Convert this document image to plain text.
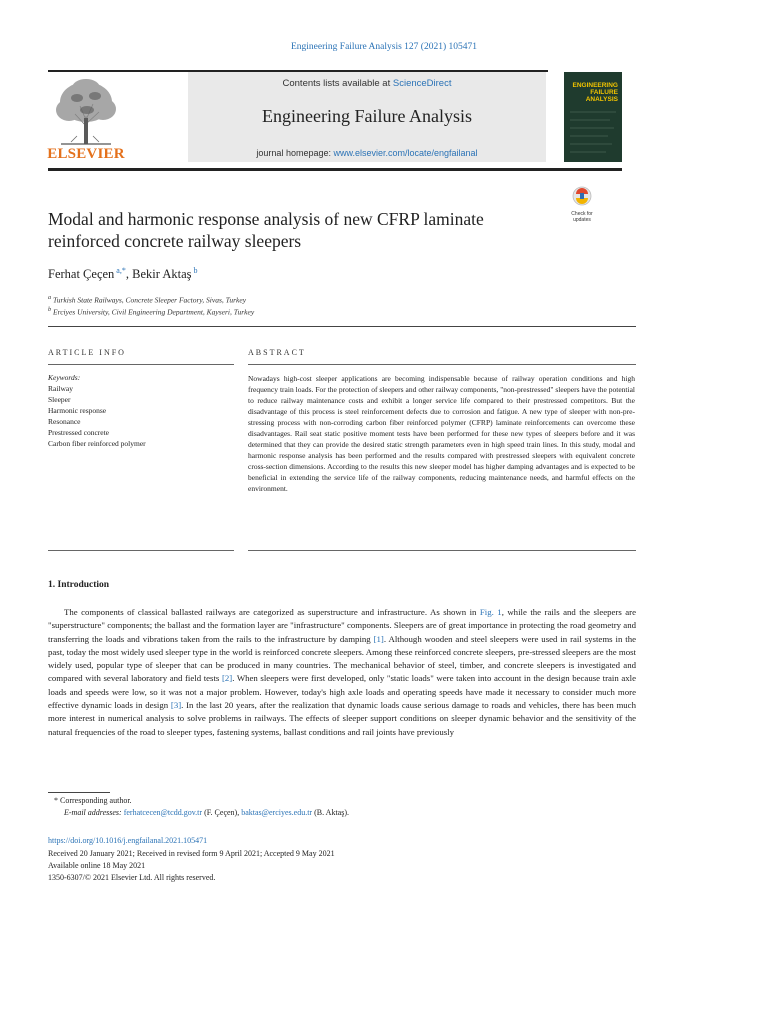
Engineering Failure Analysis 127 (2021) 105471
Contents lists available at ScienceDirect
Engineering Failure Analysis
journal homepage: www.elsevier.com/locate/engfailanal
ELSEVIER
ENGINEERING
FAILURE
ANALYSIS
Check for updates
Modal and harmonic response analysis of new CFRP laminate reinforced concrete railway sleepers
Ferhat Çeçen $^{a,*}$, Bekir Aktaş $^b$
$^a$ Turkish State Railways, Concrete Sleeper Factory, Sivas, Turkey
$^b$ Erciyes University, Civil Engineering Department, Kayseri, Turkey
ARTICLE INFO	ABSTRACT
Keywords:
Railway
Sleeper
Harmonic response
Resonance
Prestressed concrete
Carbon fiber reinforced polymer
Nowadays high-cost sleeper applications are becoming indispensable because of railway operation conditions and high frequency train loads. For the protection of sleepers and other railway components, "non-prestressed" sleepers have the potential to reduce railway maintenance costs and exhibit a longer service life compared to their prestressed competitors. But the disadvantage of this process is steel reinforcement defects due to corrosion and fatigue. A new type of sleeper with non-pre-stressing process with non-corroding carbon fiber reinforced polymer (CFRP) laminate reinforcements can overcome these disadvantages. Rail seat static positive moment tests have been performed for these new types of sleepers before and it was determined that they can provide the desired static strength parameters even in high speed train lines. In this study, modal and harmonic response analysis has been performed and the results compared with prestressed sleepers with equivalent concrete cross-section dimensions. According to the results this new sleeper model has higher damping advantages and is expected to be beneficial in extending the service life of the railway components, reducing maintenance needs, and harmful effects on the environment.
1. Introduction
The components of classical ballasted railways are categorized as superstructure and infrastructure. As shown in Fig. 1, while the rails and the sleepers are "superstructure" components; the ballast and the formation layer are "infrastructure" components. Sleepers are of great importance in protecting the road geometry and transferring the loads and vibrations taken from the rails to the infrastructure by damping [1]. Although wooden and steel sleepers were used in rail systems in the past, today the most widely used sleeper type in the world is reinforced concrete sleepers. Among these reinforced concrete sleepers, pre-stressed sleepers are the most widely used, popular type of sleeper that can be produced in many countries. The mechanical behavior of steel, timber, and concrete sleepers is investigated and compared with several laboratory and field tests [2]. When sleepers were first developed, only "static loads" were taken into account in the design because train axle loads and speeds were low, so it was not a major problem. However, today's high axle loads and operating speeds have made it necessary to consider much more effective dynamic loads in design [3]. In the last 20 years, after the realization that dynamic loads cause serious damage to roads and vehicles, there has been much more interest in numerical analysis to solve problems in railways. The effects of sleeper support conditions on sleeper dynamic behavior and the sensitivity of the natural frequencies of the road to sleeper types, fastening systems, ballast conditions and rail joints have previously
* Corresponding author.
E-mail addresses: ferhatcecen@tcdd.gov.tr (F. Çeçen), baktas@erciyes.edu.tr (B. Aktaş).
https://doi.org/10.1016/j.engfailanal.2021.105471
Received 20 January 2021; Received in revised form 9 April 2021; Accepted 9 May 2021
Available online 18 May 2021
1350-6307/© 2021 Elsevier Ltd. All rights reserved.
